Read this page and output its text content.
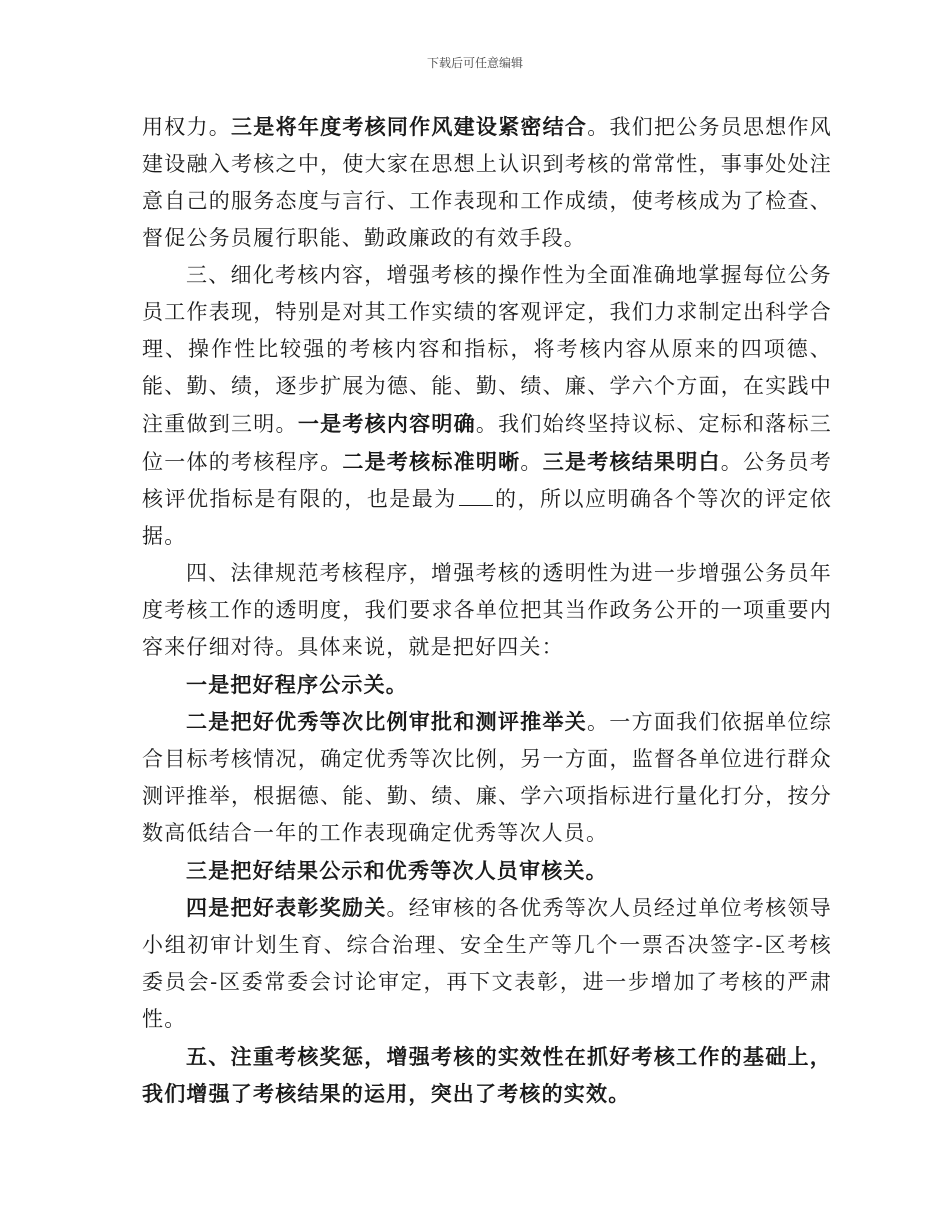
下载后可任意编辑

用权力。三是将年度考核同作风建设紧密结合。我们把公务员思想作风建设融入考核之中，使大家在思想上认识到考核的常常性，事事处处注意自己的服务态度与言行、工作表现和工作成绩，使考核成为了检查、督促公务员履行职能、勤政廉政的有效手段。

三、细化考核内容，增强考核的操作性为全面准确地掌握每位公务员工作表现，特别是对其工作实绩的客观评定，我们力求制定出科学合理、操作性比较强的考核内容和指标，将考核内容从原来的四项德、能、勤、绩，逐步扩展为德、能、勤、绩、廉、学六个方面，在实践中注重做到三明。一是考核内容明确。我们始终坚持议标、定标和落标三位一体的考核程序。二是考核标准明晰。三是考核结果明白。公务员考核评优指标是有限的，也是最为 的，所以应明确各个等次的评定依据。

四、法律规范考核程序，增强考核的透明性为进一步增强公务员年度考核工作的透明度，我们要求各单位把其当作政务公开的一项重要内容来仔细对待。具体来说，就是把好四关：

一是把好程序公示关。

二是把好优秀等次比例审批和测评推举关。一方面我们依据单位综合目标考核情况，确定优秀等次比例，另一方面，监督各单位进行群众测评推举，根据德、能、勤、绩、廉、学六项指标进行量化打分，按分数高低结合一年的工作表现确定优秀等次人员。

三是把好结果公示和优秀等次人员审核关。

四是把好表彰奖励关。经审核的各优秀等次人员经过单位考核领导小组初审计划生育、综合治理、安全生产等几个一票否决签字-区考核委员会-区委常委会讨论审定，再下文表彰，进一步增加了考核的严肃性。

五、注重考核奖惩，增强考核的实效性在抓好考核工作的基础上，我们增强了考核结果的运用，突出了考核的实效。
